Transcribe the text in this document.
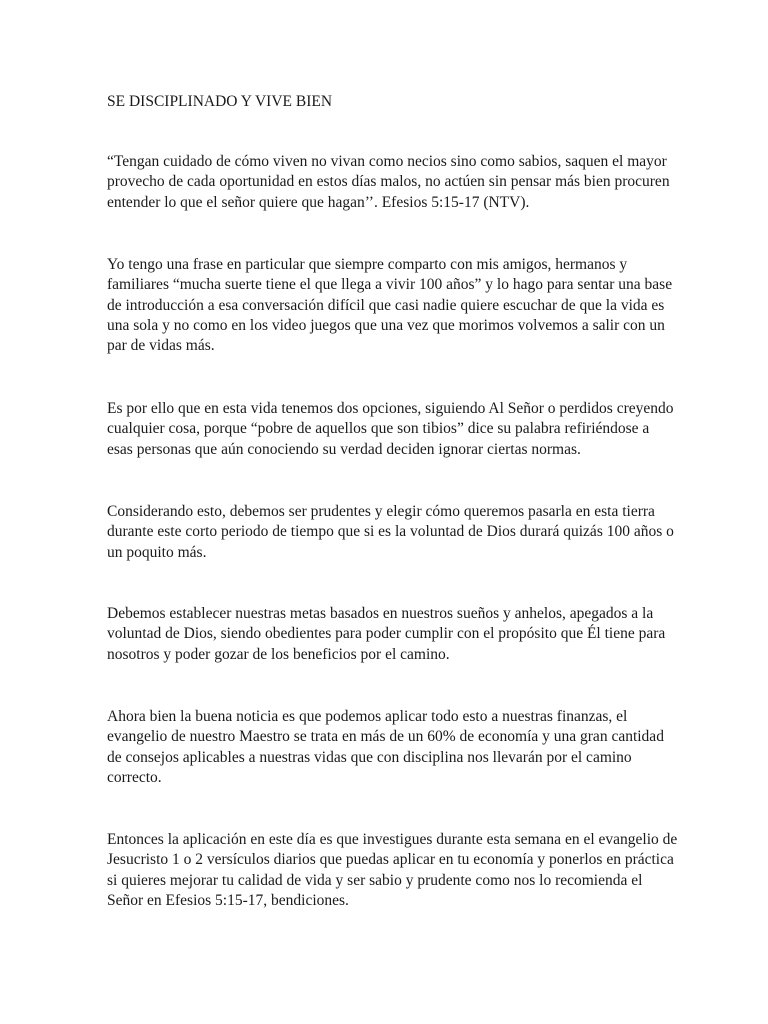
SE DISCIPLINADO Y VIVE BIEN
“Tengan cuidado de cómo viven no vivan como necios sino como sabios, saquen el mayor
provecho de cada oportunidad en estos días malos, no actúen sin pensar más bien procuren
entender lo que el señor quiere que hagan’’. Efesios 5:15-17 (NTV).
Yo tengo una frase en particular que siempre comparto con mis amigos, hermanos y
familiares “mucha suerte tiene el que llega a vivir 100 años” y lo hago para sentar una base
de introducción a esa conversación difícil que casi nadie quiere escuchar de que la vida es
una sola y no como en los video juegos que una vez que morimos volvemos a salir con un
par de vidas más.
Es por ello que en esta vida tenemos dos opciones, siguiendo Al Señor o perdidos creyendo
cualquier cosa, porque “pobre de aquellos que son tibios” dice su palabra refiriéndose a
esas personas que aún conociendo su verdad deciden ignorar ciertas normas.
Considerando esto, debemos ser prudentes y elegir cómo queremos pasarla en esta tierra
durante este corto periodo de tiempo que si es la voluntad de Dios durará quizás 100 años o
un poquito más.
Debemos establecer nuestras metas basados en nuestros sueños y anhelos, apegados a la
voluntad de Dios, siendo obedientes para poder cumplir con el propósito que Él tiene para
nosotros y poder gozar de los beneficios por el camino.
Ahora bien la buena noticia es que podemos aplicar todo esto a nuestras finanzas, el
evangelio de nuestro Maestro se trata en más de un 60% de economía y una gran cantidad
de consejos aplicables a nuestras vidas que con disciplina nos llevarán por el camino
correcto.
Entonces la aplicación en este día es que investigues durante esta semana en el evangelio de
Jesucristo 1 o 2 versículos diarios que puedas aplicar en tu economía y ponerlos en práctica
si quieres mejorar tu calidad de vida y ser sabio y prudente como nos lo recomienda el
Señor en Efesios 5:15-17, bendiciones.
